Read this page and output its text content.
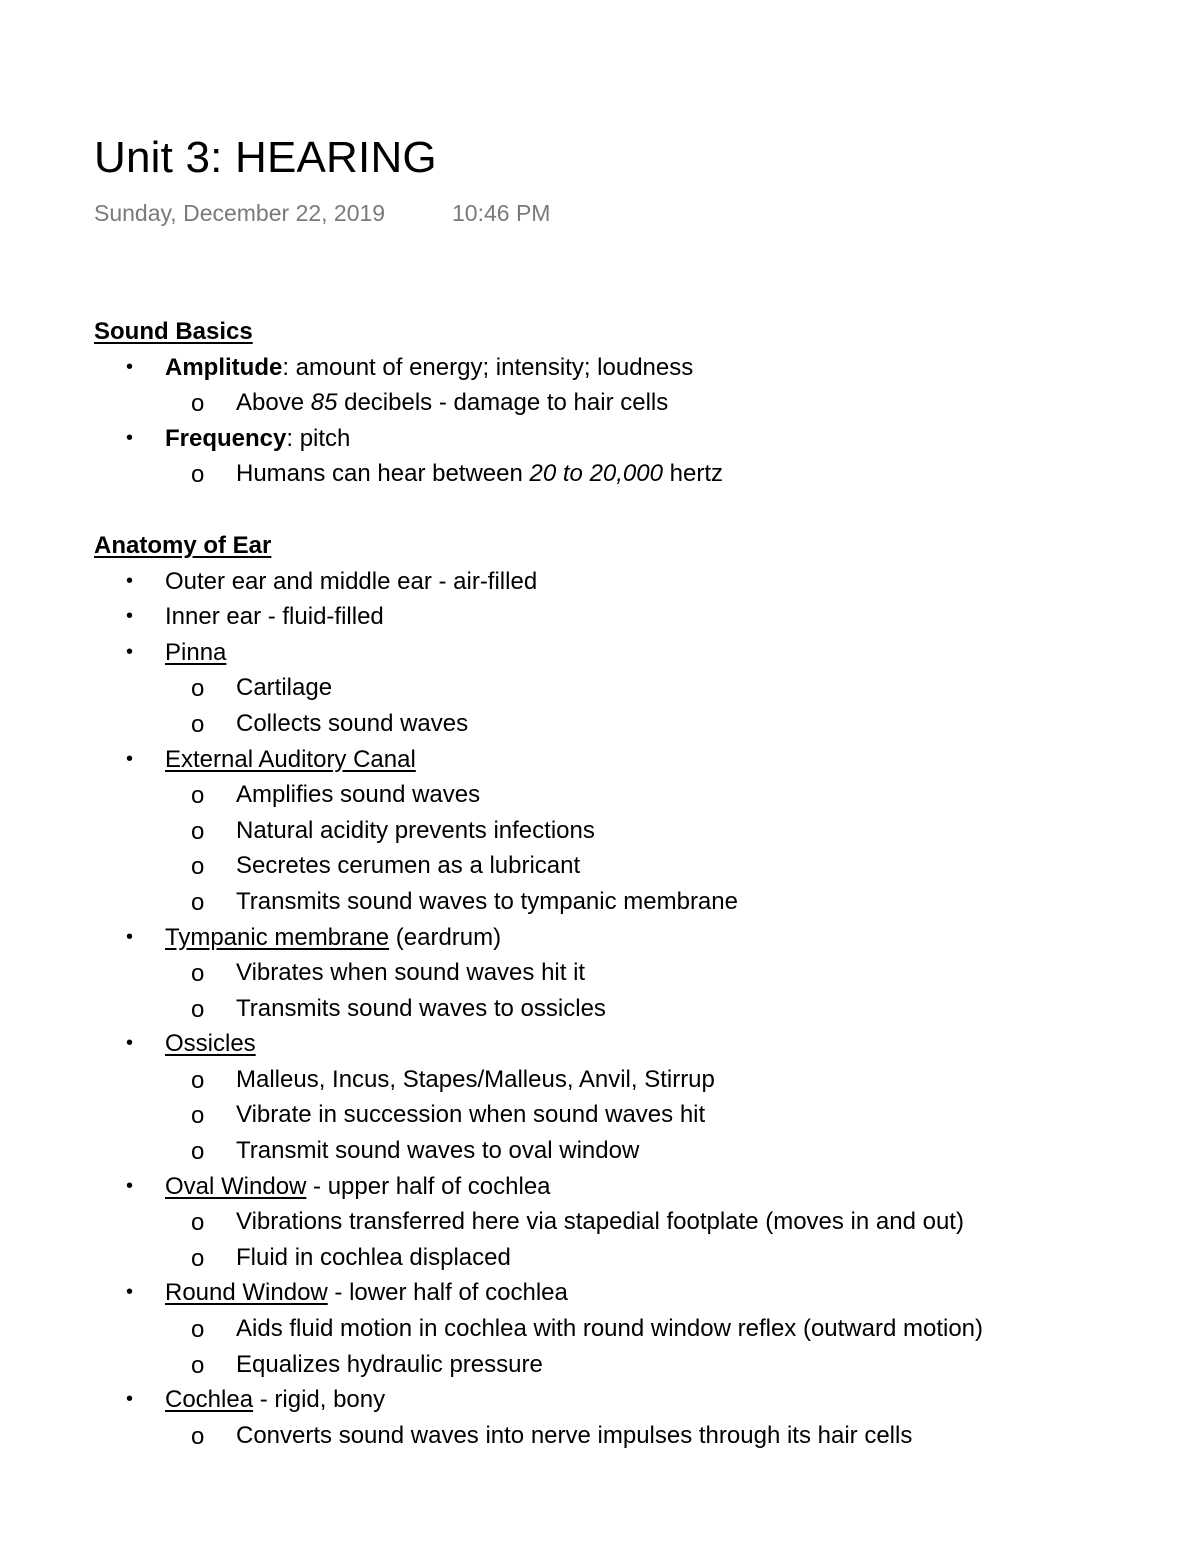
Unit 3: HEARING
Sunday, December 22, 2019	10:46 PM
Sound Basics
• Amplitude: amount of energy; intensity; loudness
o Above 85 decibels - damage to hair cells
• Frequency: pitch
o Humans can hear between 20 to 20,000 hertz
Anatomy of Ear
• Outer ear and middle ear - air-filled
• Inner ear - fluid-filled
• Pinna
o Cartilage
o Collects sound waves
• External Auditory Canal
o Amplifies sound waves
o Natural acidity prevents infections
o Secretes cerumen as a lubricant
o Transmits sound waves to tympanic membrane
• Tympanic membrane (eardrum)
o Vibrates when sound waves hit it
o Transmits sound waves to ossicles
• Ossicles
o Malleus, Incus, Stapes/Malleus, Anvil, Stirrup
o Vibrate in succession when sound waves hit
o Transmit sound waves to oval window
• Oval Window - upper half of cochlea
o Vibrations transferred here via stapedial footplate (moves in and out)
o Fluid in cochlea displaced
• Round Window - lower half of cochlea
o Aids fluid motion in cochlea with round window reflex (outward motion)
o Equalizes hydraulic pressure
• Cochlea - rigid, bony
o Converts sound waves into nerve impulses through its hair cells
